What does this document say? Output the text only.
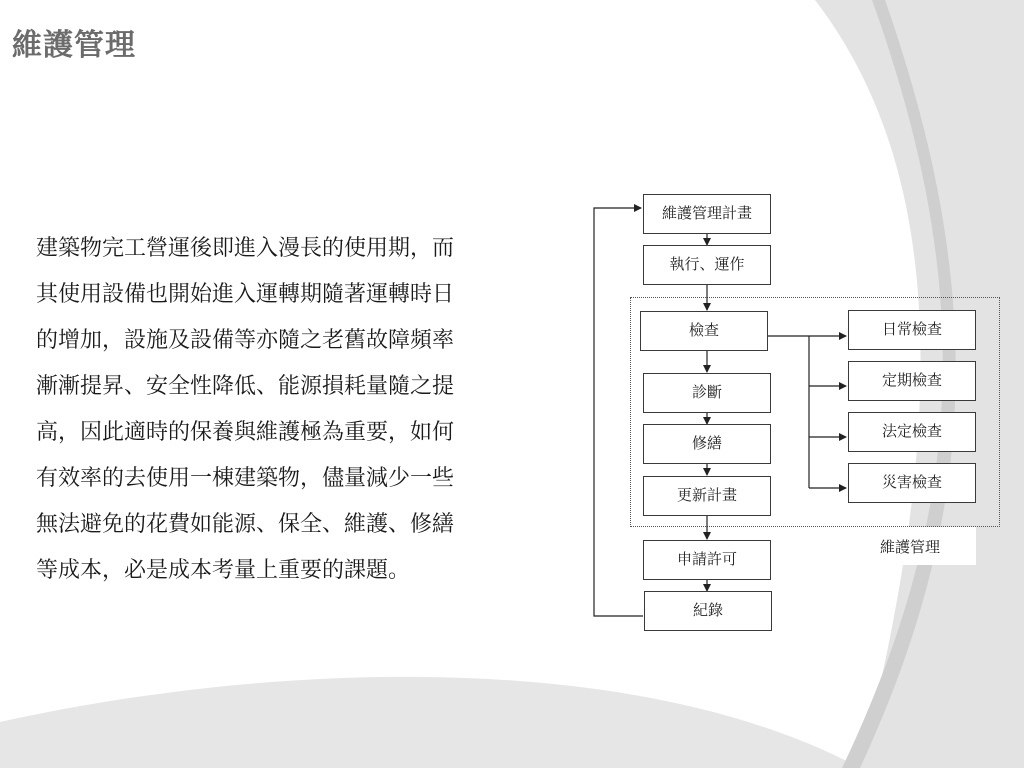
維護管理
建築物完工營運後即進入漫長的使用期，而
其使用設備也開始進入運轉期隨著運轉時日
的增加，設施及設備等亦隨之老舊故障頻率
漸漸提昇、安全性降低、能源損耗量隨之提
高，因此適時的保養與維護極為重要，如何
有效率的去使用一棟建築物，儘量減少一些
無法避免的花費如能源、保全、維護、修繕
等成本，必是成本考量上重要的課題。
維護管理
維護管理計畫
執行、運作
檢查
診斷
修繕
更新計畫
申請許可
紀錄
日常檢查
定期檢查
法定檢查
災害檢查
